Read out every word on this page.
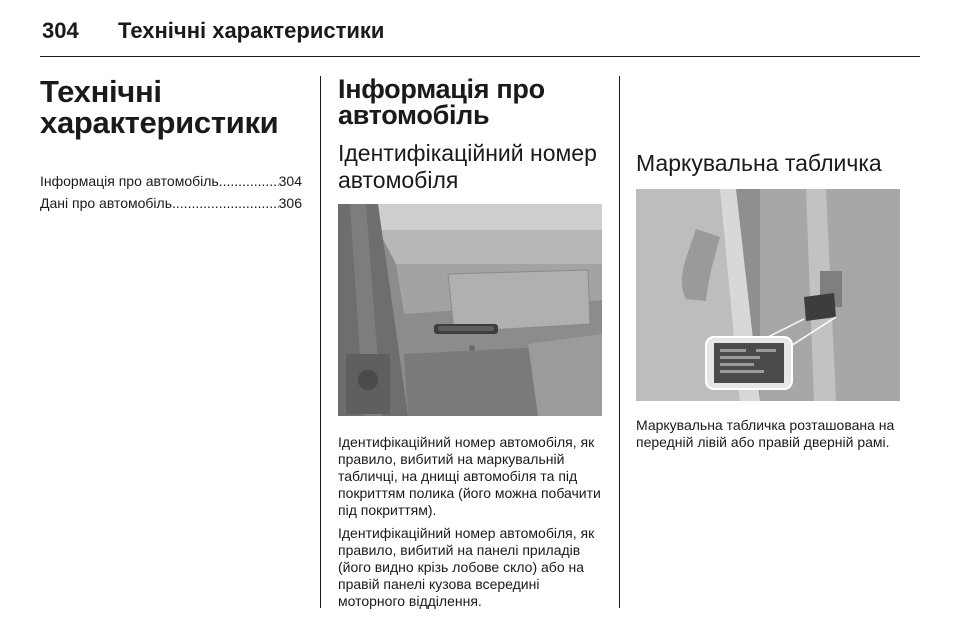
304 Технічні характеристики
Технічні характеристики
Інформація про автомобіль .....	304
Дані про автомобіль .....	306
Інформація про автомобіль
Ідентифікаційний номер автомобіля

Ідентифікаційний номер автомобіля, як правило, вибитий на маркувальній табличці, на днищі автомобіля та під покриттям полика (його можна побачити під покриттям).

Ідентифікаційний номер автомобіля, як правило, вибитий на панелі приладів (його видно крізь лобове скло) або на правій панелі кузова всередині моторного відділення.

Маркувальна табличка

Маркувальна табличка розташована на передній лівій або правій дверній рамі.
